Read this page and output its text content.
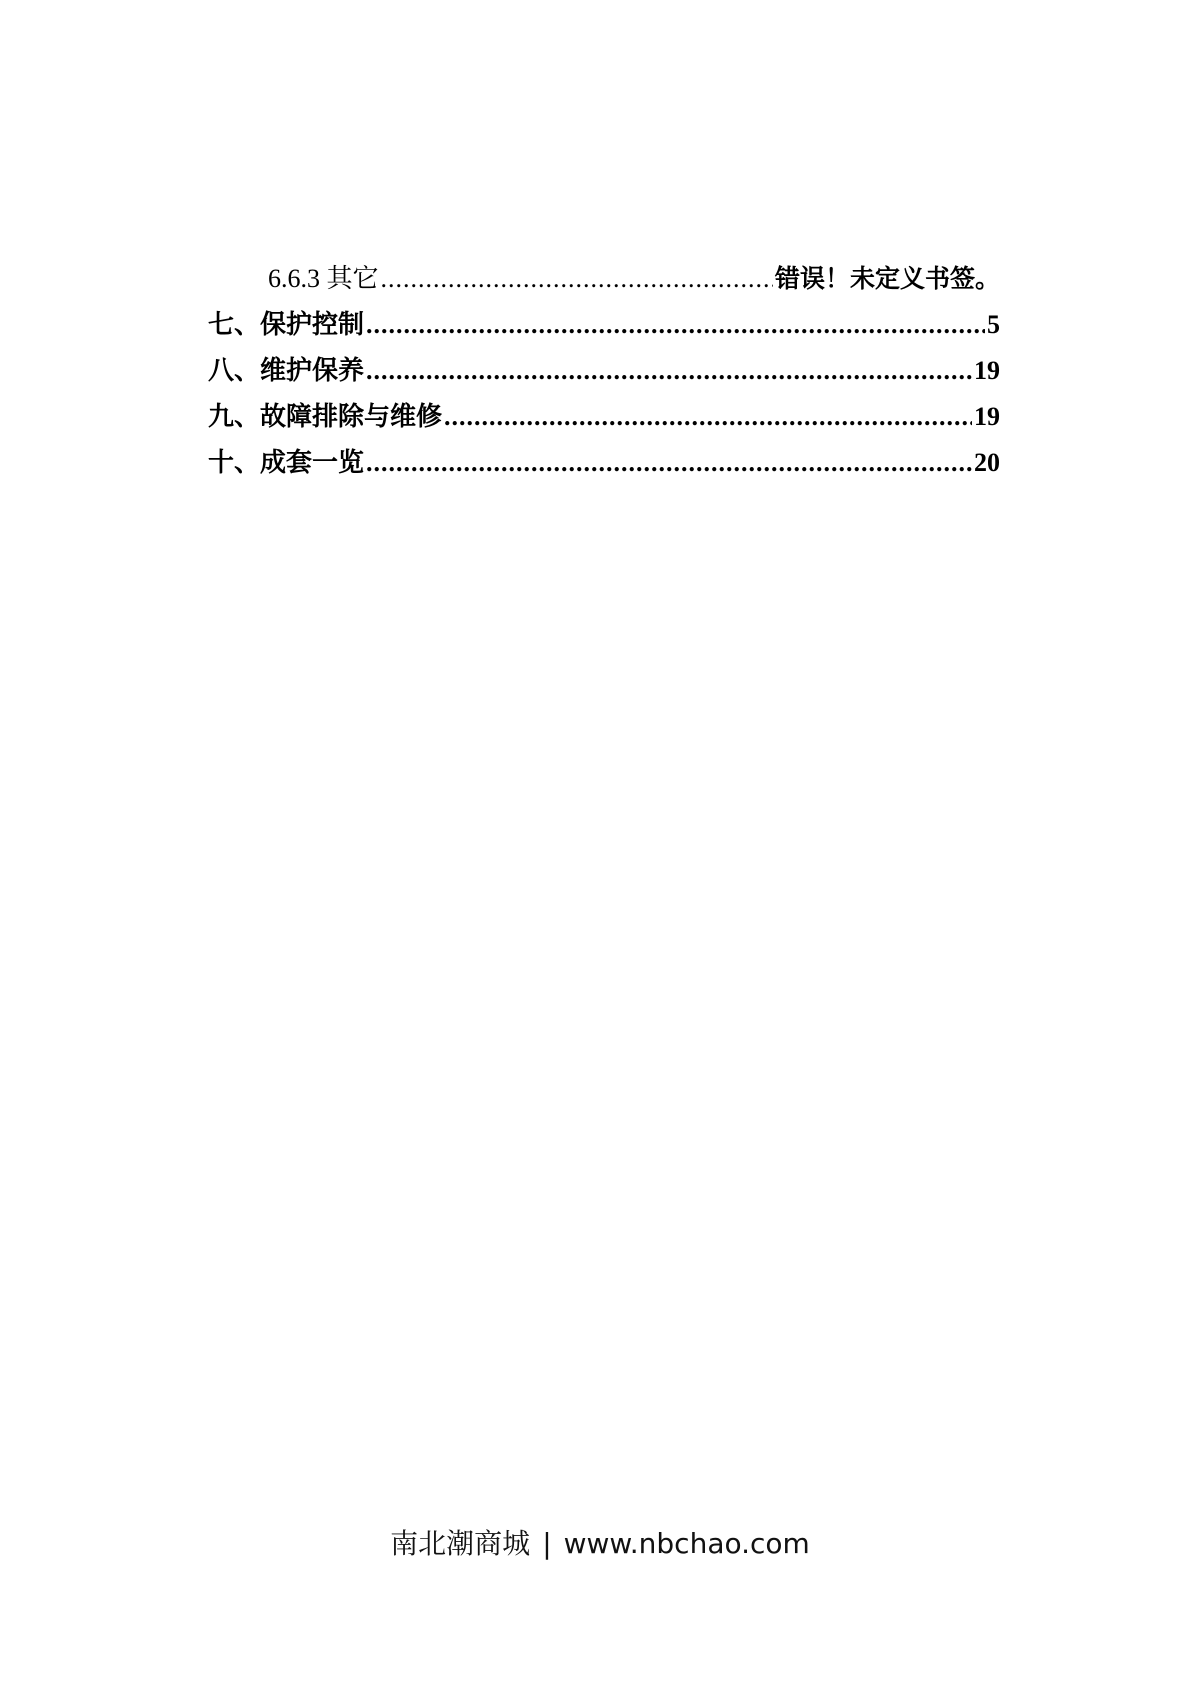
6.6.3 其它 .....	错误！未定义书签。
七、保护控制 .....	5
八、维护保养 .....	19
九、故障排除与维修 .....	19
十、成套一览 .....	20
南北潮商城 | www.nbchao.com
